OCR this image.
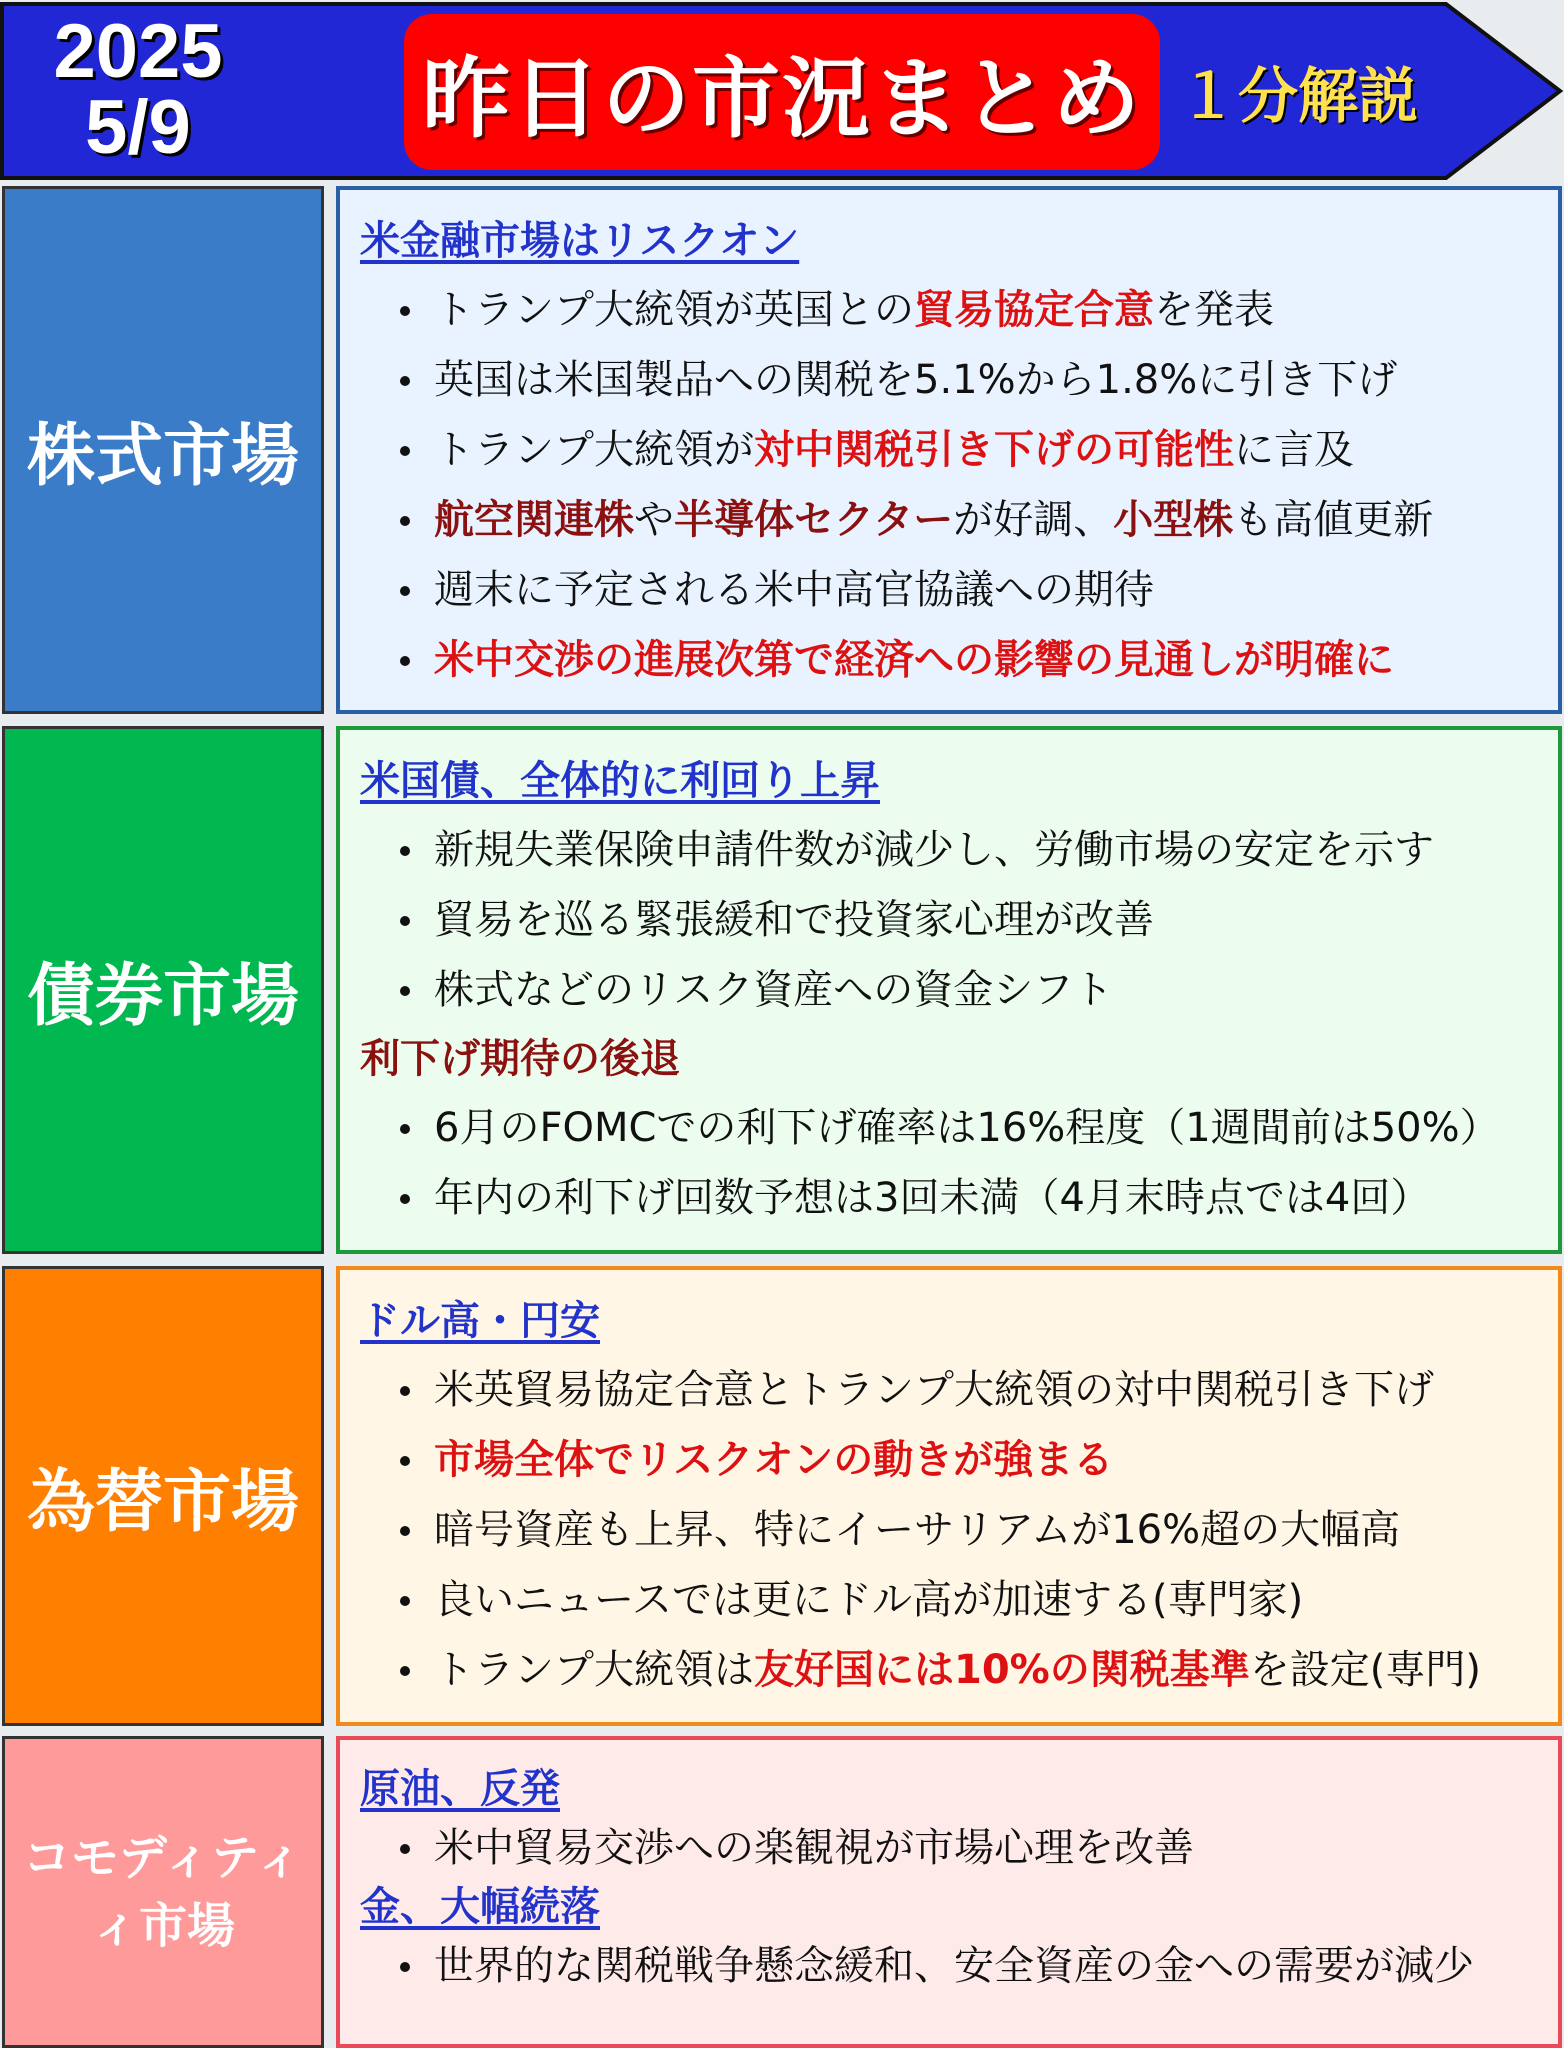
2025
5/9	昨日の市況まとめ １分解説
株式市場
米金融市場はリスクオン
トランプ大統領が英国との貿易協定合意を発表
英国は米国製品への関税を5.1%から1.8%に引き下げ
トランプ大統領が対中関税引き下げの可能性に言及
航空関連株や半導体セクターが好調、小型株も高値更新
週末に予定される米中高官協議への期待
米中交渉の進展次第で経済への影響の見通しが明確に
債券市場
米国債、全体的に利回り上昇
新規失業保険申請件数が減少し、労働市場の安定を示す
貿易を巡る緊張緩和で投資家心理が改善
株式などのリスク資産への資金シフト
利下げ期待の後退
6月のFOMCでの利下げ確率は16%程度（1週間前は50%）
年内の利下げ回数予想は3回未満（4月末時点では4回）
為替市場
ドル高・円安
米英貿易協定合意とトランプ大統領の対中関税引き下げ
市場全体でリスクオンの動きが強まる
暗号資産も上昇、特にイーサリアムが16%超の大幅高
良いニュースでは更にドル高が加速する(専門家)
トランプ大統領は友好国には10%の関税基準を設定(専門)
コモディティ
ィ市場
原油、反発
米中貿易交渉への楽観視が市場心理を改善
金、大幅続落
世界的な関税戦争懸念緩和、安全資産の金への需要が減少
